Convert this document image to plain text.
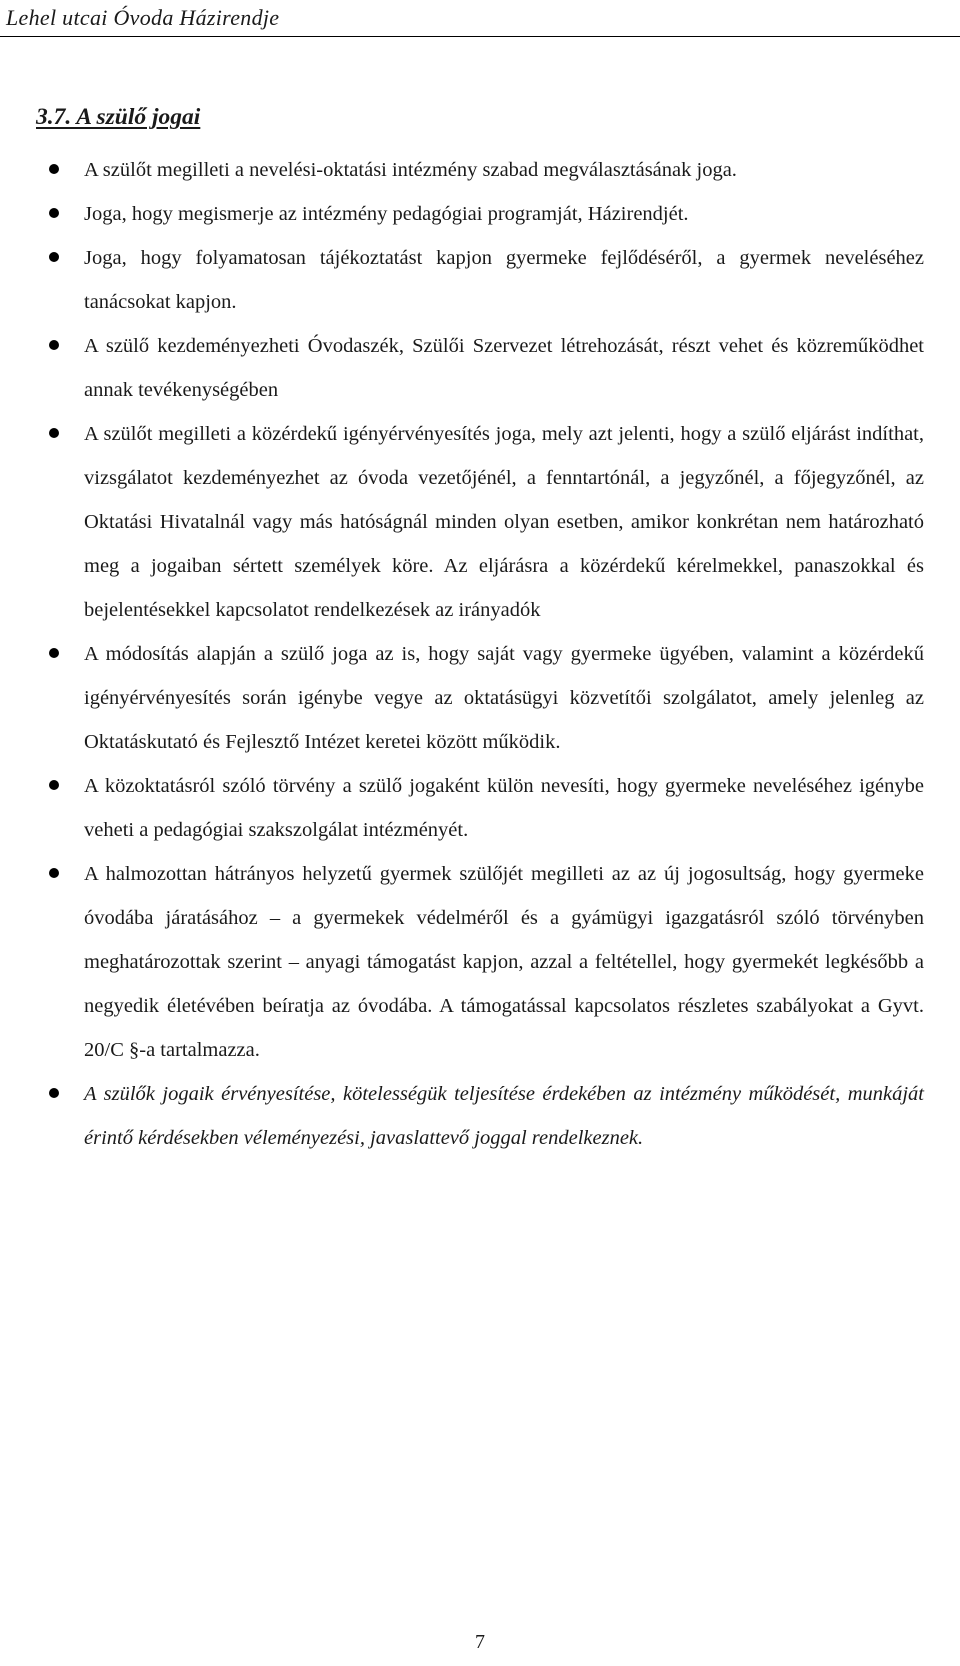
Lehel utcai Óvoda Házirendje
3.7. A szülő jogai
A szülőt megilleti a nevelési-oktatási intézmény szabad megválasztásának joga.
Joga, hogy megismerje az intézmény pedagógiai programját, Házirendjét.
Joga, hogy folyamatosan tájékoztatást kapjon gyermeke fejlődéséről, a gyermek neveléséhez tanácsokat kapjon.
A szülő kezdeményezheti Óvodaszék, Szülői Szervezet létrehozását, részt vehet és közreműködhet annak tevékenységében
A szülőt megilleti a közérdekű igényérvényesítés joga, mely azt jelenti, hogy a szülő eljárást indíthat, vizsgálatot kezdeményezhet az óvoda vezetőjénél, a fenntartónál, a jegyzőnél, a főjegyzőnél, az Oktatási Hivatalnál vagy más hatóságnál minden olyan esetben, amikor konkrétan nem határozható meg a jogaiban sértett személyek köre. Az eljárásra a közérdekű kérelmekkel, panaszokkal és bejelentésekkel kapcsolatot rendelkezések az irányadók
A módosítás alapján a szülő joga az is, hogy saját vagy gyermeke ügyében, valamint a közérdekű igényérvényesítés során igénybe vegye az oktatásügyi közvetítői szolgálatot, amely jelenleg az Oktatáskutató és Fejlesztő Intézet keretei között működik.
A közoktatásról szóló törvény a szülő jogaként külön nevesíti, hogy gyermeke neveléséhez igénybe veheti a pedagógiai szakszolgálat intézményét.
A halmozottan hátrányos helyzetű gyermek szülőjét megilleti az az új jogosultság, hogy gyermeke óvodába járatásához – a gyermekek védelméről és a gyámügyi igazgatásról szóló törvényben meghatározottak szerint – anyagi támogatást kapjon, azzal a feltétellel, hogy gyermekét legkésőbb a negyedik életévében beíratja az óvodába. A támogatással kapcsolatos részletes szabályokat a Gyvt. 20/C §-a tartalmazza.
A szülők jogaik érvényesítése, kötelességük teljesítése érdekében az intézmény működését, munkáját érintő kérdésekben véleményezési, javaslattevő joggal rendelkeznek.
7
